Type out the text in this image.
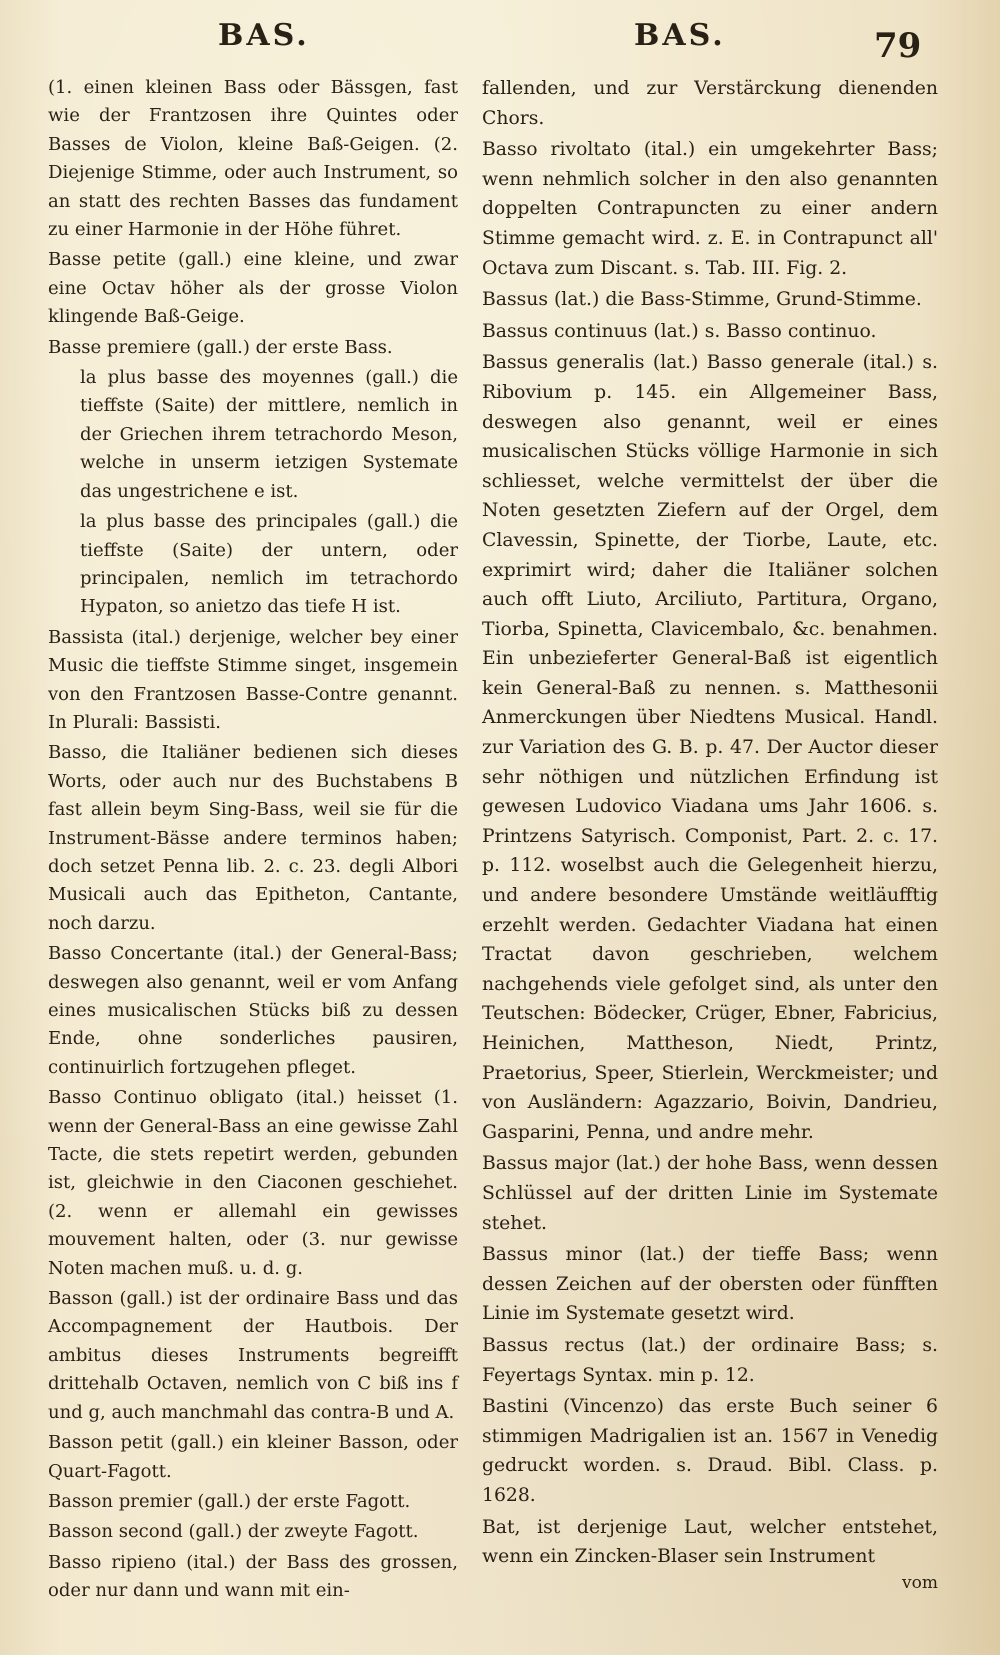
BAS.	BAS.	79

(1. einen kleinen Bass oder Bässgen, fast wie der Frantzosen ihre Quintes oder Basses de Violon, kleine Baß-Geigen. (2. Diejenige Stimme, oder auch Instrument, so an statt des rechten Basses das fundament zu einer Harmonie in der Höhe führet.

Basse petite (gall.) eine kleine, und zwar eine Octav höher als der grosse Violon klingende Baß-Geige.

Basse premiere (gall.) der erste Bass.

la plus basse des moyennes (gall.) die tieffste (Saite) der mittlere, nemlich in der Griechen ihrem tetrachordo Meson, welche in unserm ietzigen Systemate das ungestrichene e ist.

la plus basse des principales (gall.) die tieffste (Saite) der untern, oder principalen, nemlich im tetrachordo Hypaton, so anietzo das tiefe H ist.

Bassista (ital.) derjenige, welcher bey einer Music die tieffste Stimme singet, insgemein von den Frantzosen Basse-Contre genannt. In Plurali: Bassisti.

Basso, die Italiäner bedienen sich dieses Worts, oder auch nur des Buchstabens B fast allein beym Sing-Bass, weil sie für die Instrument-Bässe andere terminos haben; doch setzet Penna lib. 2. c. 23. degli Albori Musicali auch das Epitheton, Cantante, noch darzu.

Basso Concertante (ital.) der General-Bass; deswegen also genannt, weil er vom Anfang eines musicalischen Stücks biß zu dessen Ende, ohne sonderliches pausiren, continuirlich fortzugehen pfleget.

Basso Continuo obligato (ital.) heisset (1. wenn der General-Bass an eine gewisse Zahl Tacte, die stets repetirt werden, gebunden ist, gleichwie in den Ciaconen geschiehet. (2. wenn er allemahl ein gewisses mouvement halten, oder (3. nur gewisse Noten machen muß. u. d. g.

Basson (gall.) ist der ordinaire Bass und das Accompagnement der Hautbois. Der ambitus dieses Instruments begreifft drittehalb Octaven, nemlich von C biß ins f und g, auch manchmahl das contra-B und A.

Basson petit (gall.) ein kleiner Basson, oder Quart-Fagott.

Basson premier (gall.) der erste Fagott.

Basson second (gall.) der zweyte Fagott.

Basso ripieno (ital.) der Bass des grossen, oder nur dann und wann mit ein-

fallenden, und zur Verstärckung dienenden Chors.

Basso rivoltato (ital.) ein umgekehrter Bass; wenn nehmlich solcher in den also genannten doppelten Contrapuncten zu einer andern Stimme gemacht wird. z. E. in Contrapunct all' Octava zum Discant. s. Tab. III. Fig. 2.

Bassus (lat.) die Bass-Stimme, Grund-Stimme.

Bassus continuus (lat.) s. Basso continuo.

Bassus generalis (lat.) Basso generale (ital.) s. Ribovium p. 145. ein Allgemeiner Bass, deswegen also genannt, weil er eines musicalischen Stücks völlige Harmonie in sich schliesset, welche vermittelst der über die Noten gesetzten Ziefern auf der Orgel, dem Clavessin, Spinette, der Tiorbe, Laute, etc. exprimirt wird; daher die Italiäner solchen auch offt Liuto, Arciliuto, Partitura, Organo, Tiorba, Spinetta, Clavicembalo, &c. benahmen. Ein unbezieferter General-Baß ist eigentlich kein General-Baß zu nennen. s. Matthesonii Anmerckungen über Niedtens Musical. Handl. zur Variation des G. B. p. 47. Der Auctor dieser sehr nöthigen und nützlichen Erfindung ist gewesen Ludovico Viadana ums Jahr 1606. s. Printzens Satyrisch. Componist, Part. 2. c. 17. p. 112. woselbst auch die Gelegenheit hierzu, und andere besondere Umstände weitläufftig erzehlt werden. Gedachter Viadana hat einen Tractat davon geschrieben, welchem nachgehends viele gefolget sind, als unter den Teutschen: Bödecker, Crüger, Ebner, Fabricius, Heinichen, Mattheson, Niedt, Printz, Praetorius, Speer, Stierlein, Werckmeister; und von Ausländern: Agazzario, Boivin, Dandrieu, Gasparini, Penna, und andre mehr.

Bassus major (lat.) der hohe Bass, wenn dessen Schlüssel auf der dritten Linie im Systemate stehet.

Bassus minor (lat.) der tieffe Bass; wenn dessen Zeichen auf der obersten oder fünfften Linie im Systemate gesetzt wird.

Bassus rectus (lat.) der ordinaire Bass; s. Feyertags Syntax. min p. 12.

Bastini (Vincenzo) das erste Buch seiner 6 stimmigen Madrigalien ist an. 1567 in Venedig gedruckt worden. s. Draud. Bibl. Class. p. 1628.

Bat, ist derjenige Laut, welcher entstehet, wenn ein Zincken-Blaser sein Instrument

vom
